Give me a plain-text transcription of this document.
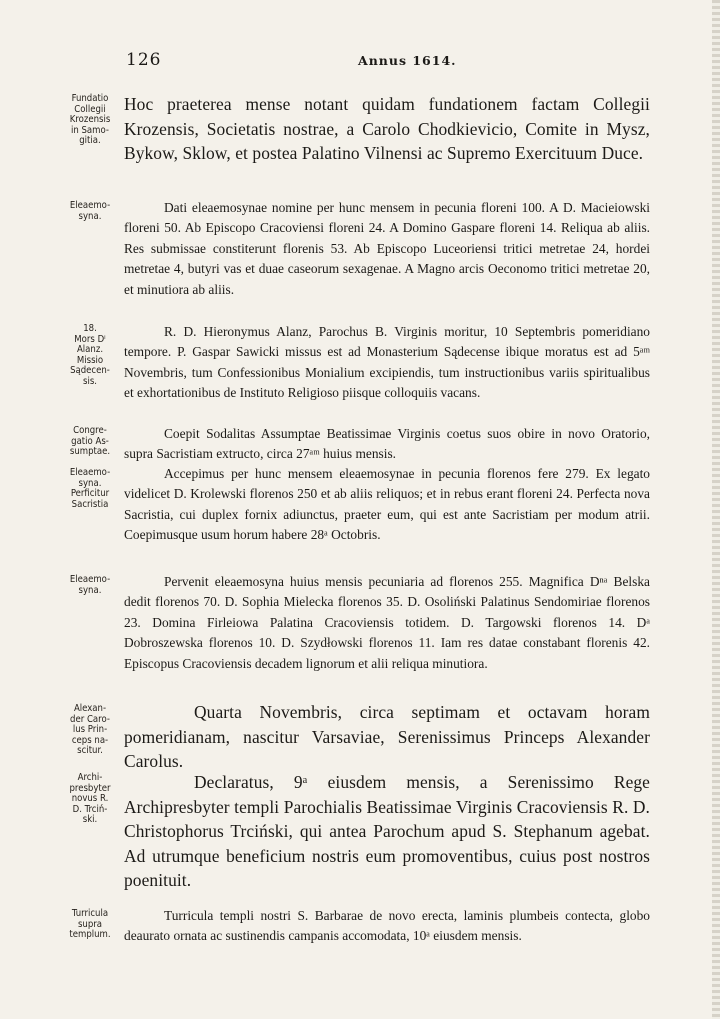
126	Annus 1614.
Fundatio
Collegii
Krozensis
in Samo-
gitia.
Hoc praeterea mense notant quidam fundationem factam Collegii Krozensis, Societatis nostrae, a Carolo Chodkievicio, Comite in Mysz, Bykow, Sklow, et postea Palatino Vilnensi ac Supremo Exercituum Duce.
Eleaemo-
syna.
Dati eleaemosynae nomine per hunc mensem in pecunia floreni 100. A D. Macieiowski floreni 50. Ab Episcopo Cracoviensi floreni 24. A Domino Gaspare floreni 14. Reliqua ab aliis. Res submissae constiterunt florenis 53. Ab Episcopo Luceoriensi tritici metretae 24, hordei metretae 4, butyri vas et duae caseorum sexagenae. A Magno arcis Oeconomo tritici metretae 20, et minutiora ab aliis.
18.
Mors Dⁱ
Alanz.
Missio
Sądecen-
sis.
R. D. Hieronymus Alanz, Parochus B. Virginis moritur, 10 Septembris pomeridiano tempore. P. Gaspar Sawicki missus est ad Monasterium Sądecense ibique moratus est ad 5ᵃᵐ Novembris, tum Confessionibus Monialium excipiendis, tum instructionibus variis spiritualibus et exhortationibus de Instituto Religioso piisque colloquiis vacans.
Congre-
gatio As-
sumptae.
Coepit Sodalitas Assumptae Beatissimae Virginis coetus suos obire in novo Oratorio, supra Sacristiam extructo, circa 27ᵃᵐ huius mensis.
Eleaemo-
syna.
Perficitur
Sacristia
Accepimus per hunc mensem eleaemosynae in pecunia florenos fere 279. Ex legato videlicet D. Krolewski florenos 250 et ab aliis reliquos; et in rebus erant floreni 24. Perfecta nova Sacristia, cui duplex fornix adiunctus, praeter eum, qui est ante Sacristiam per modum atrii. Coepimusque usum horum habere 28ᵃ Octobris.
Eleaemo-
syna.
Pervenit eleaemosyna huius mensis pecuniaria ad florenos 255. Magnifica Dⁿᵃ Belska dedit florenos 70. D. Sophia Mielecka florenos 35. D. Osoliński Palatinus Sendomiriae florenos 23. Domina Firleiowa Palatina Cracoviensis totidem. D. Targowski florenos 14. Dᵃ Dobroszewska florenos 10. D. Szydłowski florenos 11. Iam res datae constabant florenis 42. Episcopus Cracoviensis decadem lignorum et alii reliqua minutiora.
Alexan-
der Caro-
lus Prin-
ceps na-
scitur.
Quarta Novembris, circa septimam et octavam horam pomeridianam, nascitur Varsaviae, Serenissimus Princeps Alexander Carolus.
Archi-
presbyter
novus R.
D. Trciń-
ski.
Declaratus, 9ᵃ eiusdem mensis, a Serenissimo Rege Archipresbyter templi Parochialis Beatissimae Virginis Cracoviensis R. D. Christophorus Trciński, qui antea Parochum apud S. Stephanum agebat. Ad utrumque beneficium nostris eum promoventibus, cuius post nostros poenituit.
Turricula
supra
templum.
Turricula templi nostri S. Barbarae de novo erecta, laminis plumbeis contecta, globo deaurato ornata ac sustinendis campanis accomodata, 10ᵃ eiusdem mensis.
